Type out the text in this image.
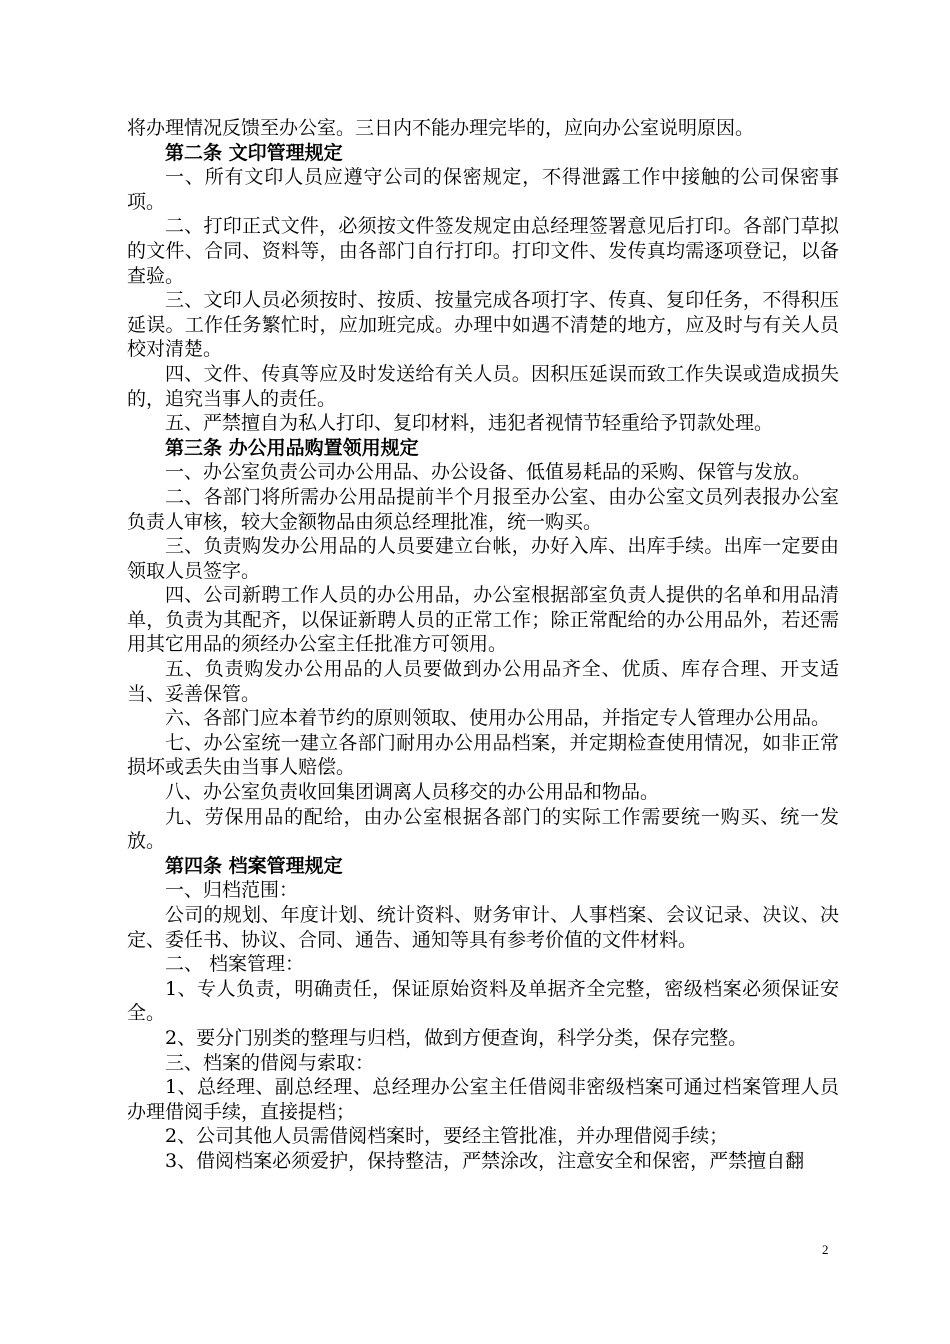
将办理情况反馈至办公室。三日内不能办理完毕的，应向办公室说明原因。

第二条 文印管理规定

一、所有文印人员应遵守公司的保密规定，不得泄露工作中接触的公司保密事项。

二、打印正式文件，必须按文件签发规定由总经理签署意见后打印。各部门草拟的文件、合同、资料等，由各部门自行打印。打印文件、发传真均需逐项登记，以备查验。

三、文印人员必须按时、按质、按量完成各项打字、传真、复印任务，不得积压延误。工作任务繁忙时，应加班完成。办理中如遇不清楚的地方，应及时与有关人员校对清楚。

四、文件、传真等应及时发送给有关人员。因积压延误而致工作失误或造成损失的，追究当事人的责任。

五、严禁擅自为私人打印、复印材料，违犯者视情节轻重给予罚款处理。

第三条 办公用品购置领用规定

一、办公室负责公司办公用品、办公设备、低值易耗品的采购、保管与发放。

二、各部门将所需办公用品提前半个月报至办公室、由办公室文员列表报办公室负责人审核，较大金额物品由须总经理批准，统一购买。

三、负责购发办公用品的人员要建立台帐，办好入库、出库手续。出库一定要由领取人员签字。

四、公司新聘工作人员的办公用品，办公室根据部室负责人提供的名单和用品清单，负责为其配齐，以保证新聘人员的正常工作；除正常配给的办公用品外，若还需用其它用品的须经办公室主任批准方可领用。

五、负责购发办公用品的人员要做到办公用品齐全、优质、库存合理、开支适当、妥善保管。

六、各部门应本着节约的原则领取、使用办公用品，并指定专人管理办公用品。

七、办公室统一建立各部门耐用办公用品档案，并定期检查使用情况，如非正常损坏或丢失由当事人赔偿。

八、办公室负责收回集团调离人员移交的办公用品和物品。

九、劳保用品的配给，由办公室根据各部门的实际工作需要统一购买、统一发放。

第四条 档案管理规定

一、归档范围：

公司的规划、年度计划、统计资料、财务审计、人事档案、会议记录、决议、决定、委任书、协议、合同、通告、通知等具有参考价值的文件材料。

二、 档案管理：

1、专人负责，明确责任，保证原始资料及单据齐全完整，密级档案必须保证安全。

2、要分门别类的整理与归档，做到方便查询，科学分类，保存完整。

三、档案的借阅与索取：

1、总经理、副总经理、总经理办公室主任借阅非密级档案可通过档案管理人员办理借阅手续，直接提档；

2、公司其他人员需借阅档案时，要经主管批准，并办理借阅手续；

3、借阅档案必须爱护，保持整洁，严禁涂改，注意安全和保密，严禁擅自翻

2
